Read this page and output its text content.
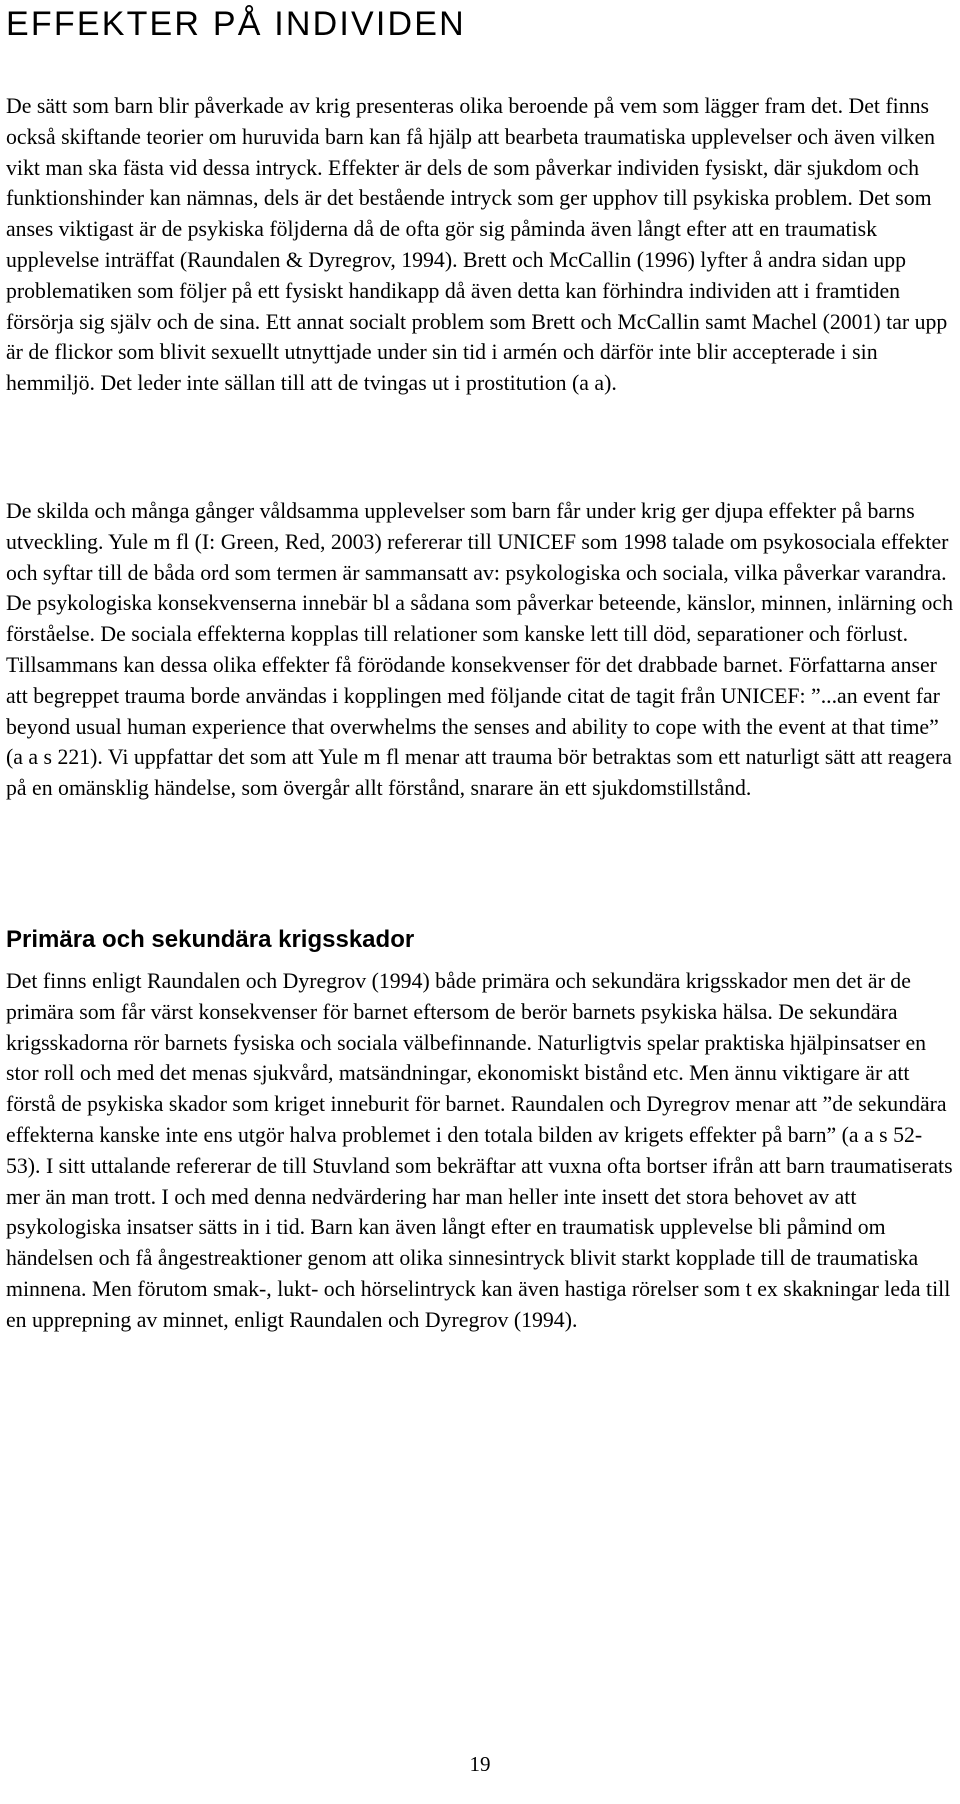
EFFEKTER PÅ INDIVIDEN

De sätt som barn blir påverkade av krig presenteras olika beroende på vem som lägger fram det. Det finns också skiftande teorier om huruvida barn kan få hjälp att bearbeta traumatiska upplevelser och även vilken vikt man ska fästa vid dessa intryck. Effekter är dels de som påverkar individen fysiskt, där sjukdom och funktionshinder kan nämnas, dels är det bestående intryck som ger upphov till psykiska problem. Det som anses viktigast är de psykiska följderna då de ofta gör sig påminda även långt efter att en traumatisk upplevelse inträffat (Raundalen & Dyregrov, 1994). Brett och McCallin (1996) lyfter å andra sidan upp problematiken som följer på ett fysiskt handikapp då även detta kan förhindra individen att i framtiden försörja sig själv och de sina. Ett annat socialt problem som Brett och McCallin samt Machel (2001) tar upp är de flickor som blivit sexuellt utnyttjade under sin tid i armén och därför inte blir accepterade i sin hemmiljö. Det leder inte sällan till att de tvingas ut i prostitution (a a).

De skilda och många gånger våldsamma upplevelser som barn får under krig ger djupa effekter på barns utveckling. Yule m fl (I: Green, Red, 2003) refererar till UNICEF som 1998 talade om psykosociala effekter och syftar till de båda ord som termen är sammansatt av: psykologiska och sociala, vilka påverkar varandra. De psykologiska konsekvenserna innebär bl a sådana som påverkar beteende, känslor, minnen, inlärning och förståelse. De sociala effekterna kopplas till relationer som kanske lett till död, separationer och förlust. Tillsammans kan dessa olika effekter få förödande konsekvenser för det drabbade barnet. Författarna anser att begreppet trauma borde användas i kopplingen med följande citat de tagit från UNICEF: ”...an event far beyond usual human experience that overwhelms the senses and ability to cope with the event at that time” (a a s 221). Vi uppfattar det som att Yule m fl menar att trauma bör betraktas som ett naturligt sätt att reagera på en omänsklig händelse, som övergår allt förstånd, snarare än ett sjukdomstillstånd.

Primära och sekundära krigsskador

Det finns enligt Raundalen och Dyregrov (1994) både primära och sekundära krigsskador men det är de primära som får värst konsekvenser för barnet eftersom de berör barnets psykiska hälsa. De sekundära krigsskadorna rör barnets fysiska och sociala välbefinnande. Naturligtvis spelar praktiska hjälpinsatser en stor roll och med det menas sjukvård, matsändningar, ekonomiskt bistånd etc. Men ännu viktigare är att förstå de psykiska skador som kriget inneburit för barnet. Raundalen och Dyregrov menar att ”de sekundära effekterna kanske inte ens utgör halva problemet i den totala bilden av krigets effekter på barn” (a a s 52-53). I sitt uttalande refererar de till Stuvland som bekräftar att vuxna ofta bortser ifrån att barn traumatiserats mer än man trott. I och med denna nedvärdering har man heller inte insett det stora behovet av att psykologiska insatser sätts in i tid. Barn kan även långt efter en traumatisk upplevelse bli påmind om händelsen och få ångestreaktioner genom att olika sinnesintryck blivit starkt kopplade till de traumatiska minnena. Men förutom smak-, lukt- och hörselintryck kan även hastiga rörelser som t ex skakningar leda till en upprepning av minnet, enligt Raundalen och Dyregrov (1994).

19
